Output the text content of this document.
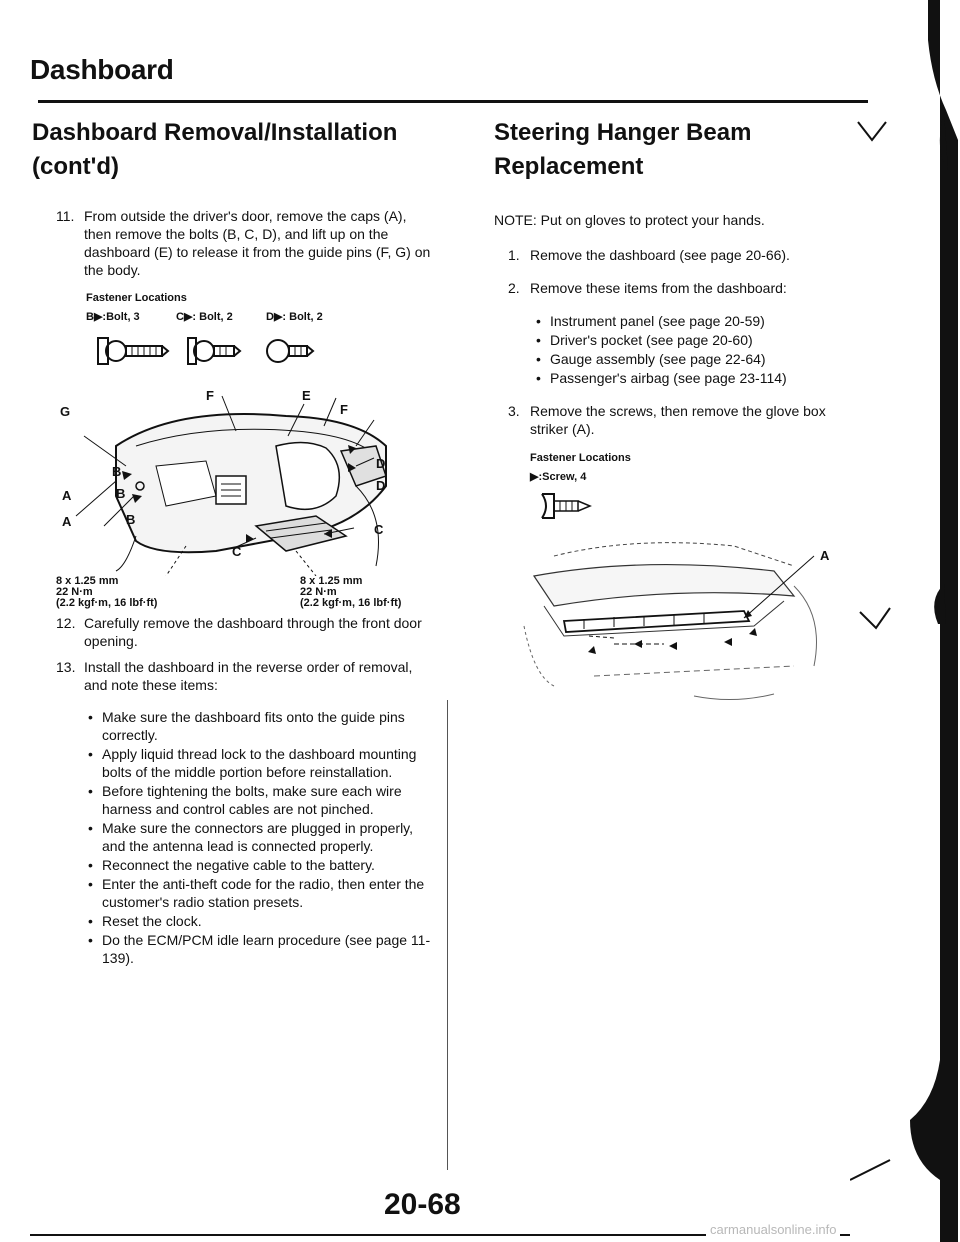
Dashboard
Dashboard Removal/Installation
(cont'd)
11. From outside the driver's door, remove the caps (A), then remove the bolts (B, C, D), and lift up on the dashboard (E) to release it from the guide pins (F, G) on the body.
Fastener Locations
B▶:Bolt, 3	C▶: Bolt, 2	D▶: Bolt, 2
G
F	E
F
D
D
A
B
B
B
A
C
C
8 x 1.25 mm
22 N·m
(2.2 kgf·m, 16 lbf·ft)
8 x 1.25 mm
22 N·m
(2.2 kgf·m, 16 lbf·ft)
12. Carefully remove the dashboard through the front door opening.
13. Install the dashboard in the reverse order of removal, and note these items:
• Make sure the dashboard fits onto the guide pins correctly.
• Apply liquid thread lock to the dashboard mounting bolts of the middle portion before reinstallation.
• Before tightening the bolts, make sure each wire harness and control cables are not pinched.
• Make sure the connectors are plugged in properly, and the antenna lead is connected properly.
• Reconnect the negative cable to the battery.
• Enter the anti-theft code for the radio, then enter the customer's radio station presets.
• Reset the clock.
• Do the ECM/PCM idle learn procedure (see page 11-139).
Steering Hanger Beam
Replacement
NOTE: Put on gloves to protect your hands.
1. Remove the dashboard (see page 20-66).
2. Remove these items from the dashboard:
• Instrument panel (see page 20-59)
• Driver's pocket (see page 20-60)
• Gauge assembly (see page 22-64)
• Passenger's airbag (see page 23-114)
3. Remove the screws, then remove the glove box striker (A).
Fastener Locations
▶:Screw, 4
A
20-68
carmanualsonline.info
